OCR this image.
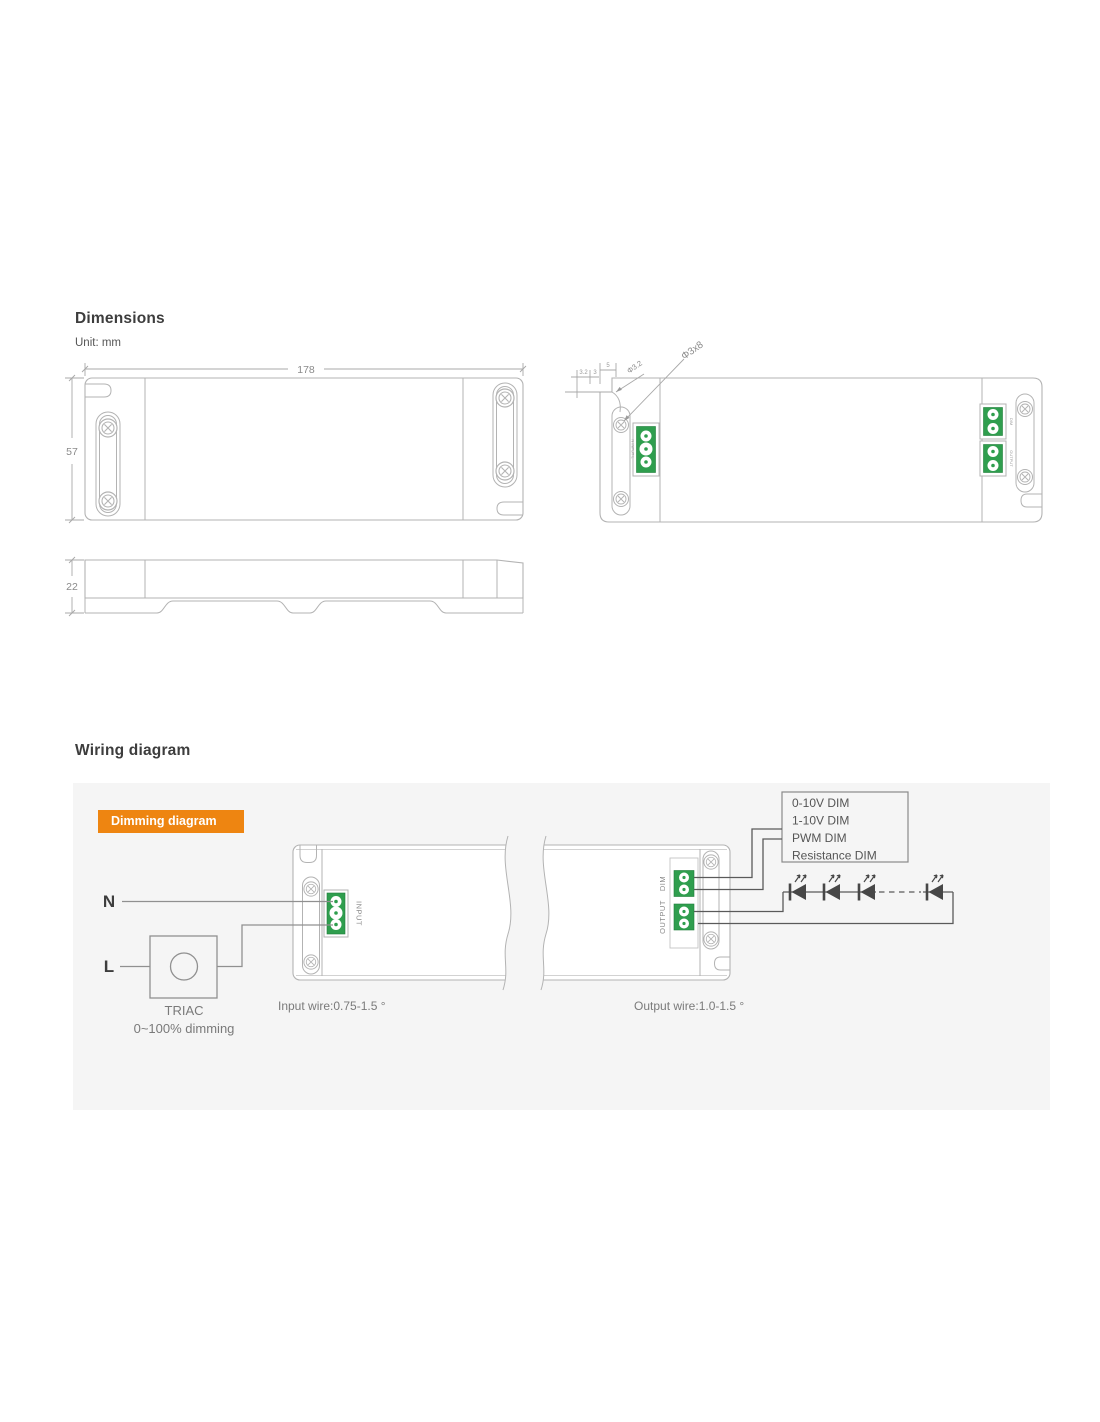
Dimensions
Unit: mm
178
57
22
N INPUT L
DIM
OUTPUT
3.2 3
5 Φ3.2
Φ3x8
Wiring diagram
Dimming diagram
INPUT
DIM
OUTPUT
N
L
TRIAC
0~100% dimming
Input wire:0.75-1.5 °	Output wire:1.0-1.5 °
0-10V DIM
1-10V DIM
PWM DIM
Resistance DIM
